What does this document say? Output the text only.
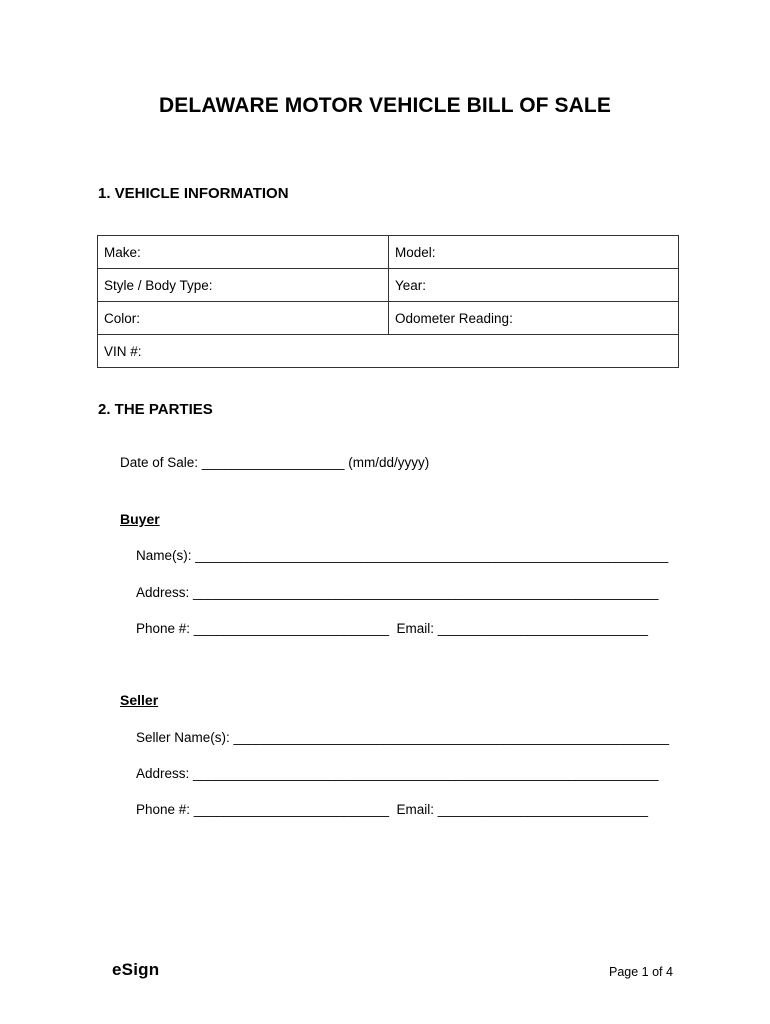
DELAWARE MOTOR VEHICLE BILL OF SALE
1. VEHICLE INFORMATION
Make:	Model:
Style / Body Type:	Year:
Color:	Odometer Reading:
VIN #:	
2. THE PARTIES
Date of Sale: ___________________ (mm/dd/yyyy)
Buyer
Name(s): _______________________________________________________________
Address: ______________________________________________________________
Phone #: __________________________  Email: ____________________________
Seller
Seller Name(s): __________________________________________________________
Address: ______________________________________________________________
Phone #: __________________________  Email: ____________________________
eSign	Page 1 of 4
